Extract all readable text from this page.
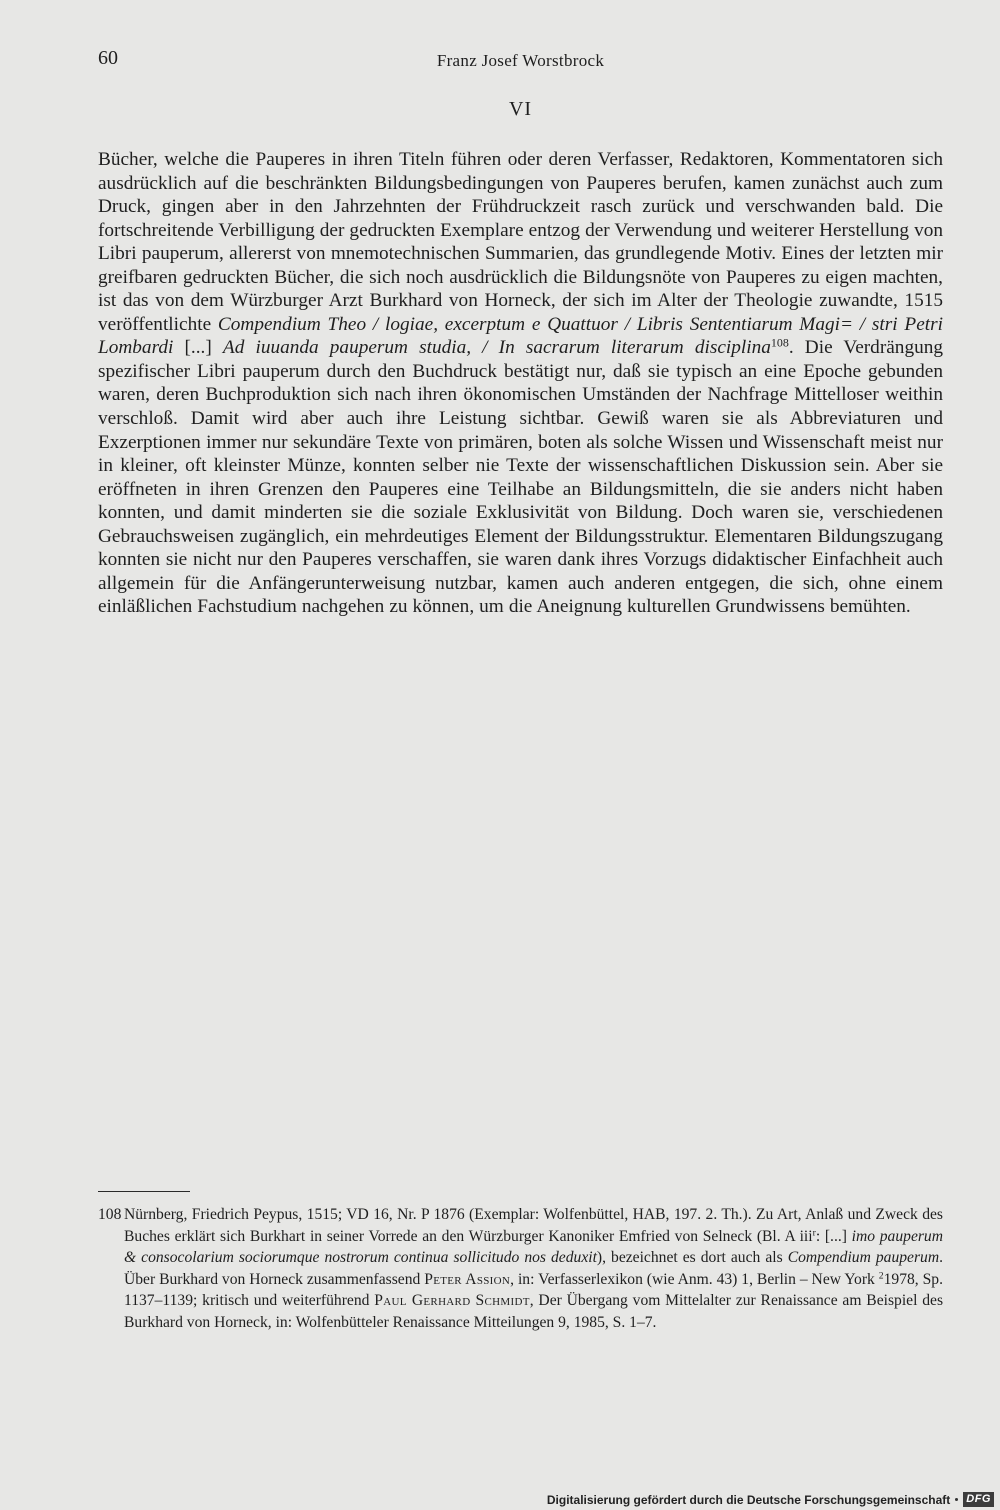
60	Franz Josef Worstbrock
VI
Bücher, welche die Pauperes in ihren Titeln führen oder deren Verfasser, Redaktoren, Kommentatoren sich ausdrücklich auf die beschränkten Bildungsbedingungen von Pauperes berufen, kamen zunächst auch zum Druck, gingen aber in den Jahrzehnten der Frühdruckzeit rasch zurück und verschwanden bald. Die fortschreitende Verbilligung der gedruckten Exemplare entzog der Verwendung und weiterer Herstellung von Libri pauperum, allererst von mnemotechnischen Summarien, das grundlegende Motiv. Eines der letzten mir greifbaren gedruckten Bücher, die sich noch ausdrücklich die Bildungsnöte von Pauperes zu eigen machten, ist das von dem Würzburger Arzt Burkhard von Horneck, der sich im Alter der Theologie zuwandte, 1515 veröffentlichte Compendium Theo / logiae, excerptum e Quattuor / Libris Sententiarum Magi= / stri Petri Lombardi [...] Ad iuuanda pauperum studia, / In sacrarum literarum disciplina$^{108}$. Die Verdrängung spezifischer Libri pauperum durch den Buchdruck bestätigt nur, daß sie typisch an eine Epoche gebunden waren, deren Buchproduktion sich nach ihren ökonomischen Umständen der Nachfrage Mittelloser weithin verschloß. Damit wird aber auch ihre Leistung sichtbar. Gewiß waren sie als Abbreviaturen und Exzerptionen immer nur sekundäre Texte von primären, boten als solche Wissen und Wissenschaft meist nur in kleiner, oft kleinster Münze, konnten selber nie Texte der wissenschaftlichen Diskussion sein. Aber sie eröffneten in ihren Grenzen den Pauperes eine Teilhabe an Bildungsmitteln, die sie anders nicht haben konnten, und damit minderten sie die soziale Exklusivität von Bildung. Doch waren sie, verschiedenen Gebrauchsweisen zugänglich, ein mehrdeutiges Element der Bildungsstruktur. Elementaren Bildungszugang konnten sie nicht nur den Pauperes verschaffen, sie waren dank ihres Vorzugs didaktischer Einfachheit auch allgemein für die Anfängerunterweisung nutzbar, kamen auch anderen entgegen, die sich, ohne einem einläßlichen Fachstudium nachgehen zu können, um die Aneignung kulturellen Grundwissens bemühten.
108 Nürnberg, Friedrich Peypus, 1515; VD 16, Nr. P 1876 (Exemplar: Wolfenbüttel, HAB, 197. 2. Th.). Zu Art, Anlaß und Zweck des Buches erklärt sich Burkhart in seiner Vorrede an den Würzburger Kanoniker Emfried von Selneck (Bl. A iii$^r$: [...] imo pauperum & consocolarium sociorumque nostrorum continua sollicitudo nos deduxit), bezeichnet es dort auch als Compendium pauperum. Über Burkhard von Horneck zusammenfassend Peter Assion, in: Verfasserlexikon (wie Anm. 43) 1, Berlin – New York $^2$1978, Sp. 1137–1139; kritisch und weiterführend Paul Gerhard Schmidt, Der Übergang vom Mittelalter zur Renaissance am Beispiel des Burkhard von Horneck, in: Wolfenbütteler Renaissance Mitteilungen 9, 1985, S. 1–7.
Digitalisierung gefördert durch die Deutsche Forschungsgemeinschaft DFG
